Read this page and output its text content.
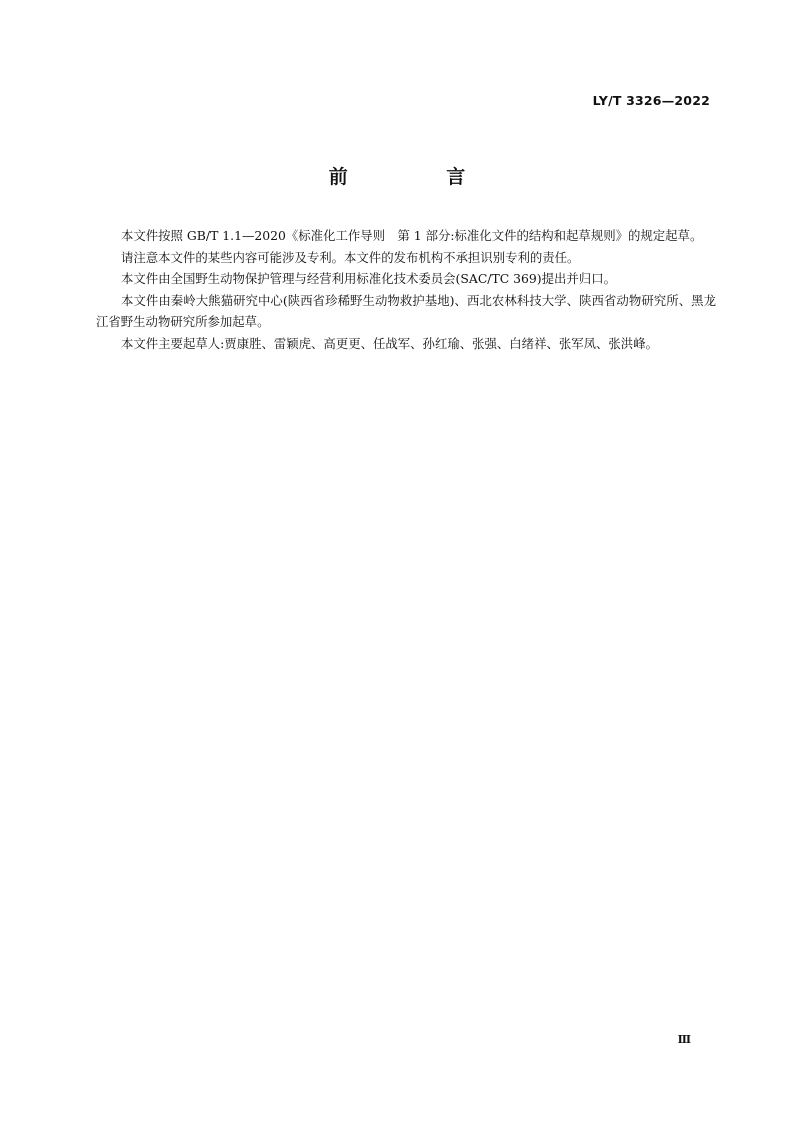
LY/T 3326—2022
前 言

本文件按照 GB/T 1.1—2020《标准化工作导则　第 1 部分:标准化文件的结构和起草规则》的规定起草。

请注意本文件的某些内容可能涉及专利。本文件的发布机构不承担识别专利的责任。

本文件由全国野生动物保护管理与经营利用标准化技术委员会(SAC/TC 369)提出并归口。

本文件由秦岭大熊猫研究中心(陕西省珍稀野生动物救护基地)、西北农林科技大学、陕西省动物研究所、黑龙江省野生动物研究所参加起草。

本文件主要起草人:贾康胜、雷颖虎、高更更、任战军、孙红瑜、张强、白绪祥、张军凤、张洪峰。

Ⅲ
